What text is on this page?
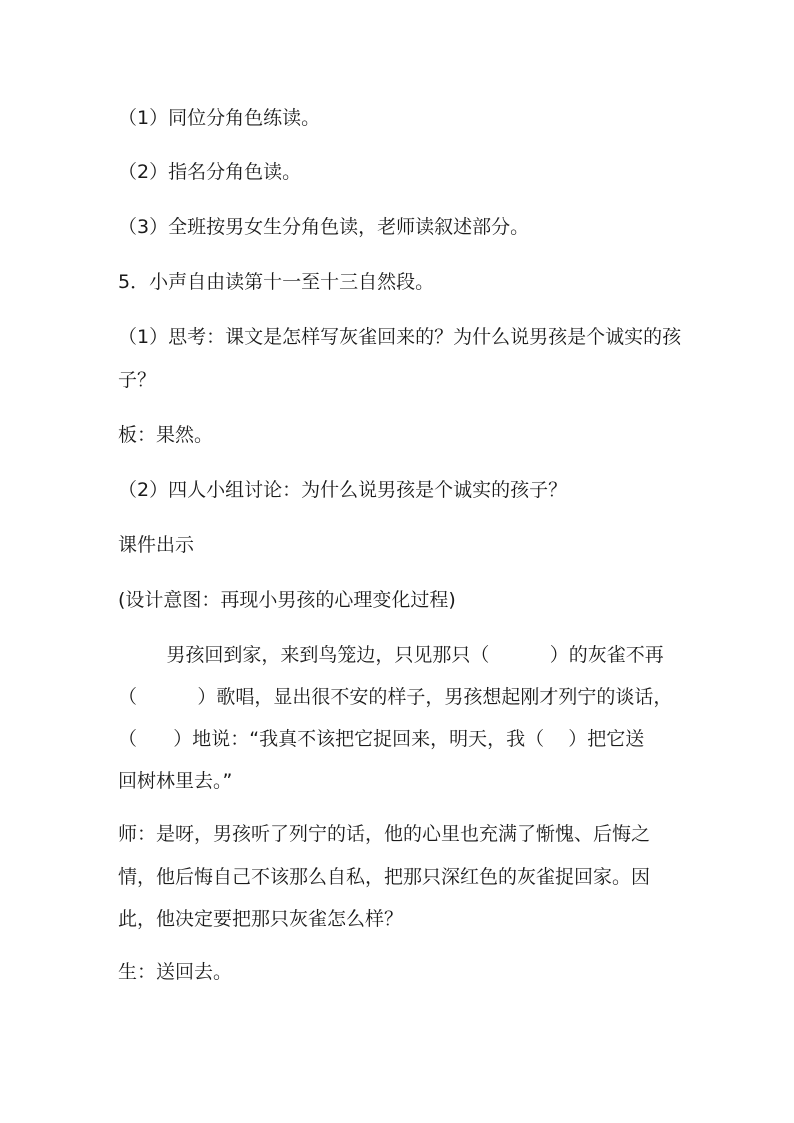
（1）同位分角色练读。
（2）指名分角色读。
（3）全班按男女生分角色读，老师读叙述部分。
5．小声自由读第十一至十三自然段。
（1）思考：课文是怎样写灰雀回来的？为什么说男孩是个诚实的孩
子？
板：果然。
（2）四人小组讨论：为什么说男孩是个诚实的孩子？
课件出示
(设计意图：再现小男孩的心理变化过程)
男孩回到家，来到鸟笼边，只见那只（          ）的灰雀不再
（          ）歌唱，显出很不安的样子，男孩想起刚才列宁的谈话，
（      ）地说：“我真不该把它捉回来，明天，我（    ）把它送
回树林里去。”
师：是呀，男孩听了列宁的话，他的心里也充满了惭愧、后悔之
情，他后悔自己不该那么自私，把那只深红色的灰雀捉回家。因
此，他决定要把那只灰雀怎么样？
生：送回去。
